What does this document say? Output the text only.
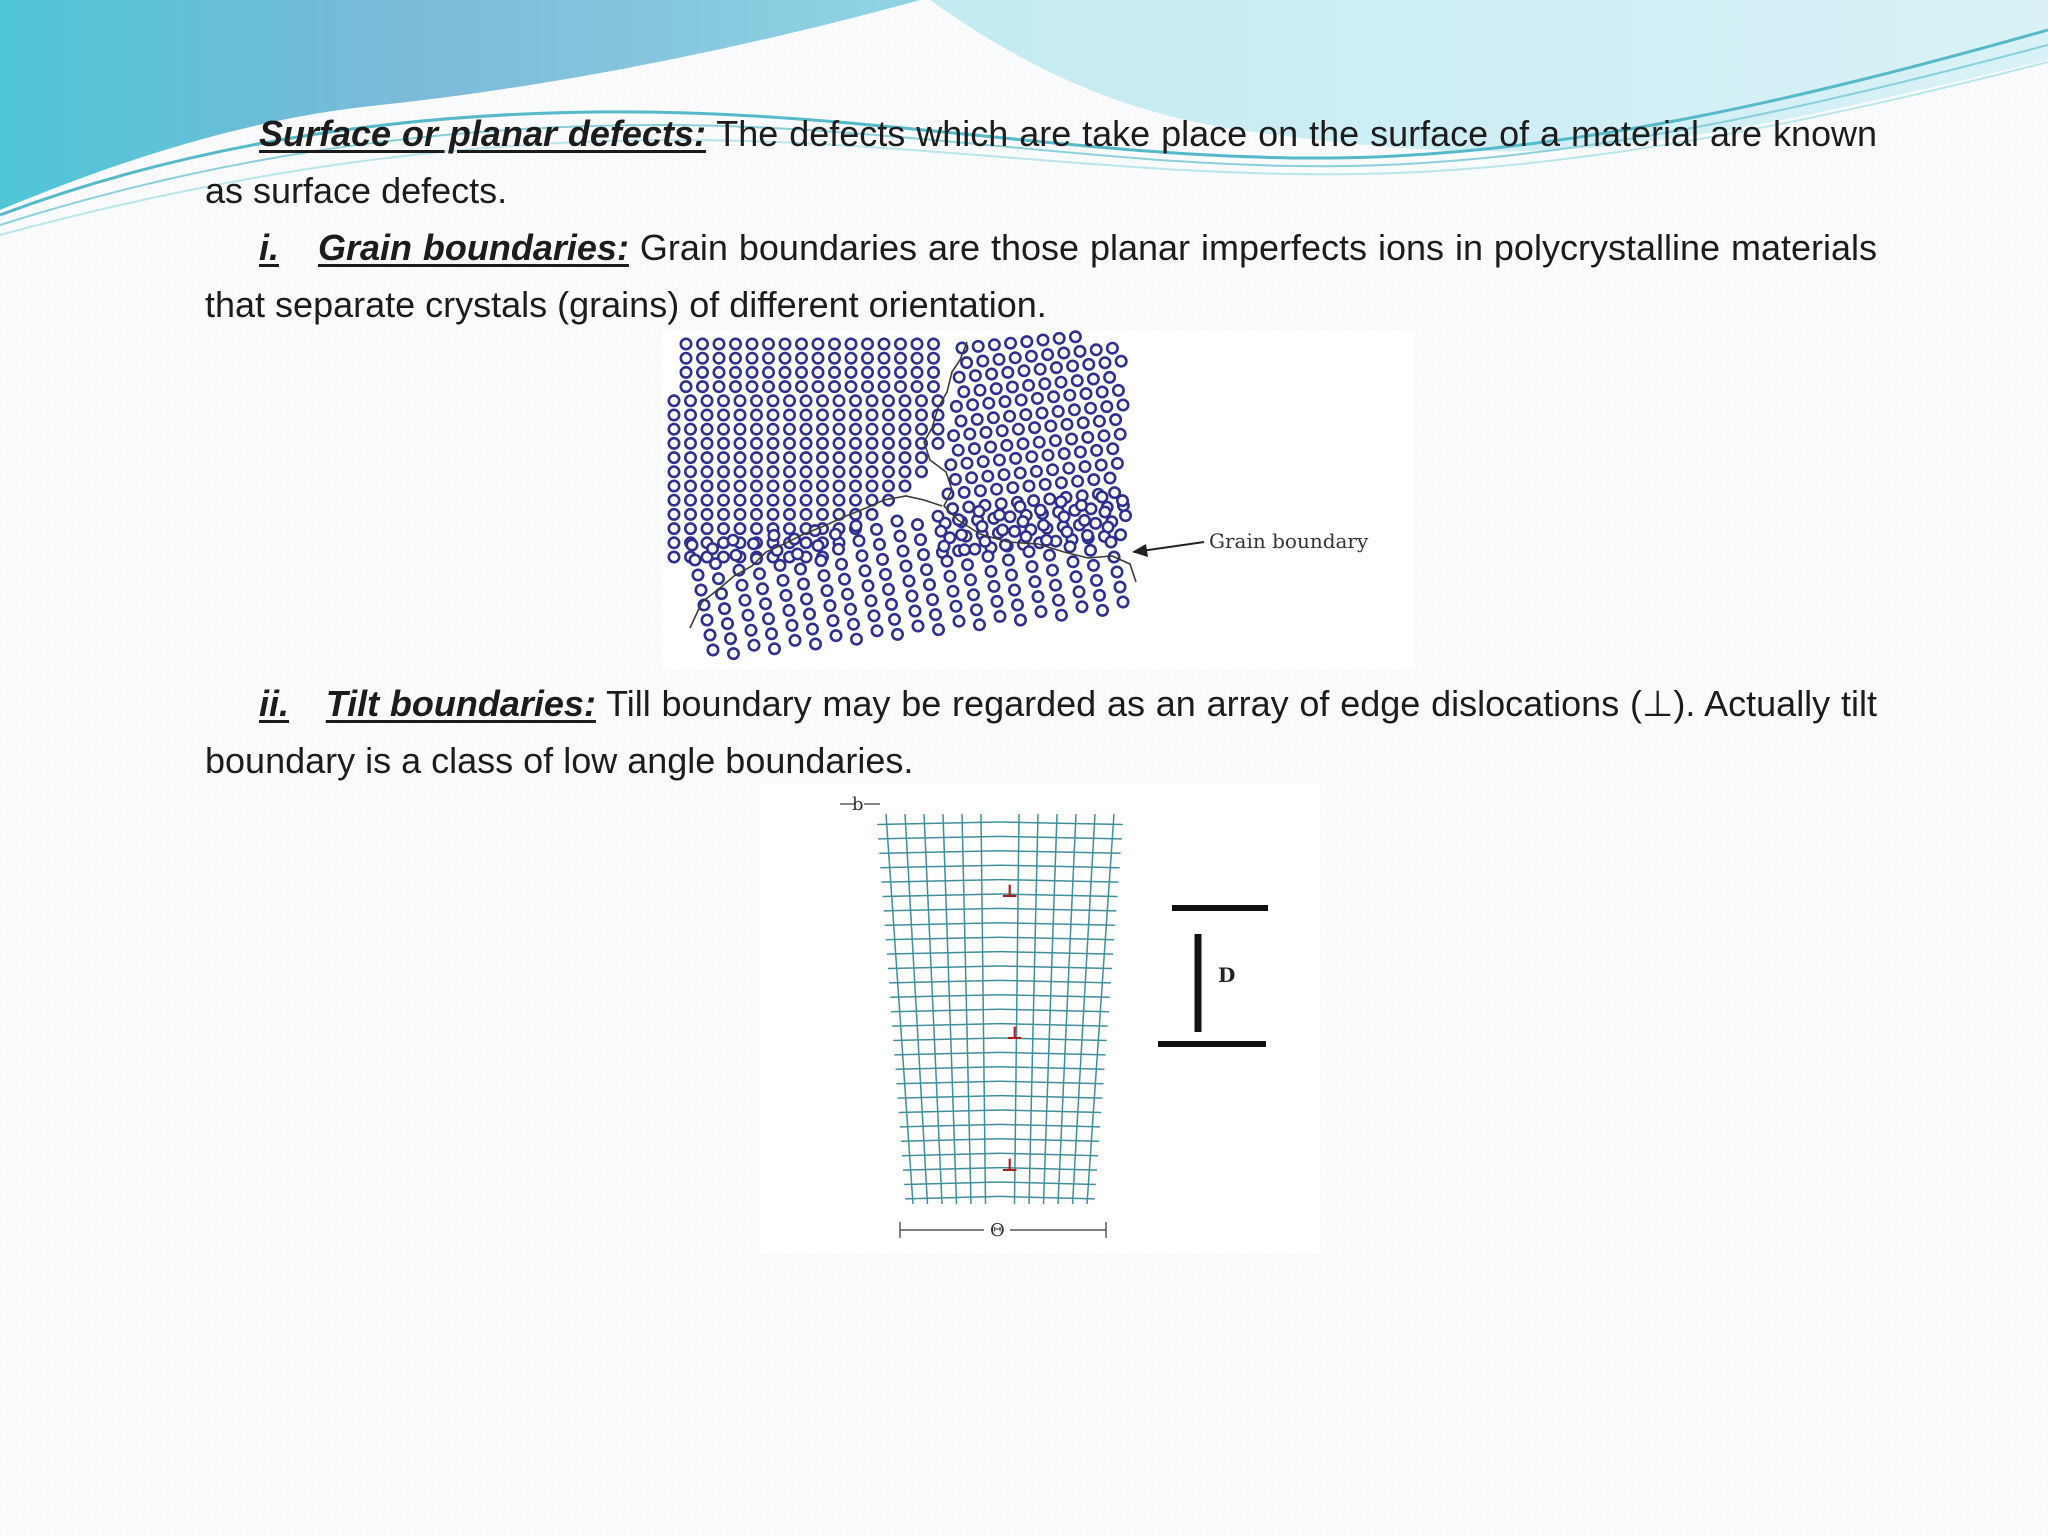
Surface or planar defects: The defects which are take place on the surface of a material are known as surface defects.

i. Grain boundaries: Grain boundaries are those planar imperfects ions in polycrystalline materials that separate crystals (grains) of different orientation.

ii. Tilt boundaries: Till boundary may be regarded as an array of edge dislocations (⊥). Actually tilt boundary is a class of low angle boundaries.

Grain boundary
b
⊥
⊥
⊥
D
Θ
